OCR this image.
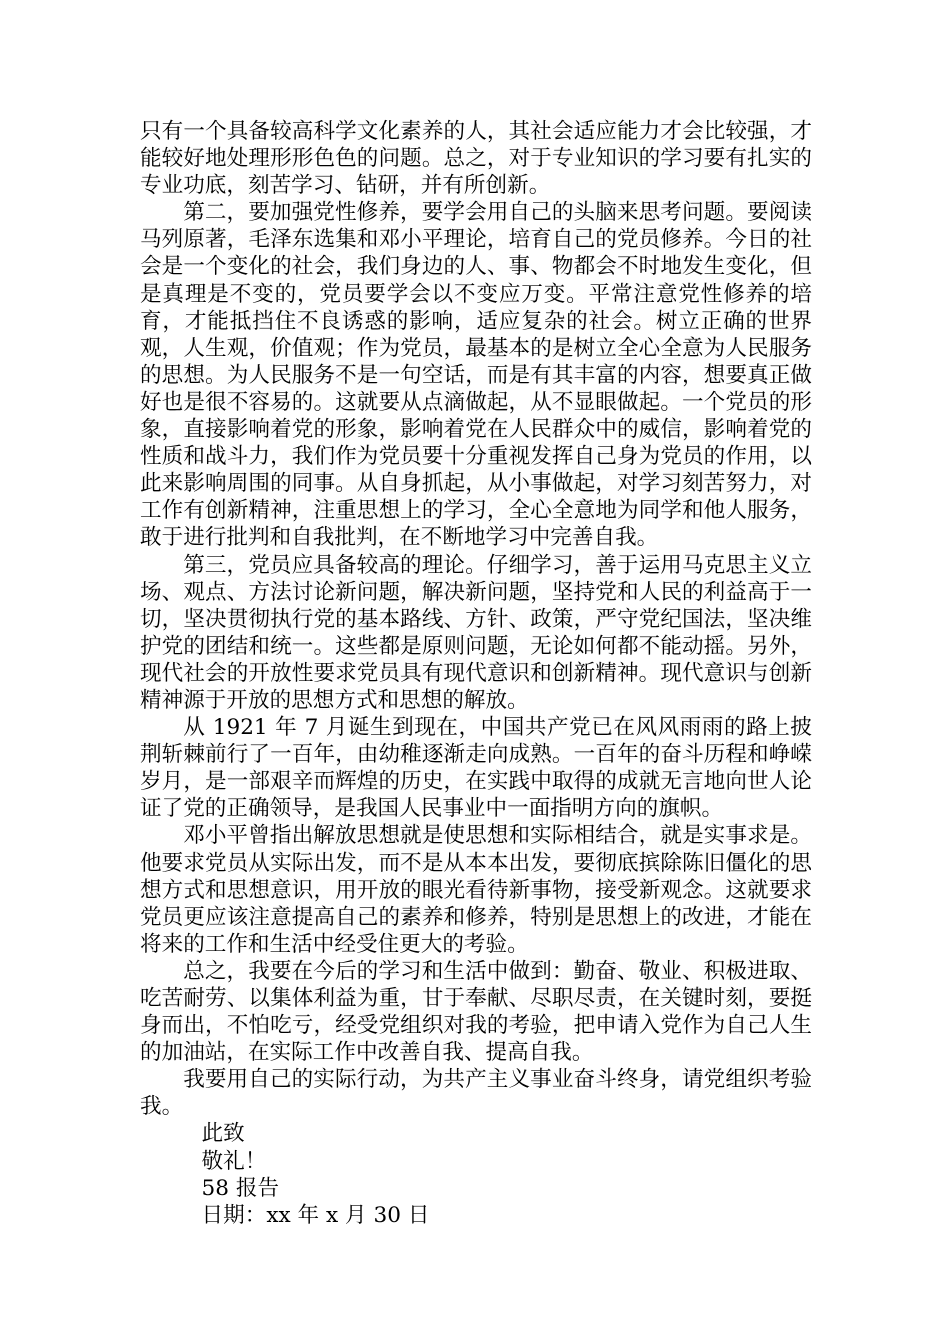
只有一个具备较高科学文化素养的人，其社会适应能力才会比较强，才能较好地处理形形色色的问题。总之，对于专业知识的学习要有扎实的专业功底，刻苦学习、钻研，并有所创新。

第二，要加强党性修养，要学会用自己的头脑来思考问题。要阅读马列原著，毛泽东选集和邓小平理论，培育自己的党员修养。今日的社会是一个变化的社会，我们身边的人、事、物都会不时地发生变化，但是真理是不变的，党员要学会以不变应万变。平常注意党性修养的培育，才能抵挡住不良诱惑的影响，适应复杂的社会。树立正确的世界观，人生观，价值观；作为党员，最基本的是树立全心全意为人民服务的思想。为人民服务不是一句空话，而是有其丰富的内容，想要真正做好也是很不容易的。这就要从点滴做起，从不显眼做起。一个党员的形象，直接影响着党的形象，影响着党在人民群众中的威信，影响着党的性质和战斗力，我们作为党员要十分重视发挥自己身为党员的作用，以此来影响周围的同事。从自身抓起，从小事做起，对学习刻苦努力，对工作有创新精神，注重思想上的学习，全心全意地为同学和他人服务，敢于进行批判和自我批判，在不断地学习中完善自我。

第三，党员应具备较高的理论。仔细学习，善于运用马克思主义立场、观点、方法讨论新问题，解决新问题，坚持党和人民的利益高于一切，坚决贯彻执行党的基本路线、方针、政策，严守党纪国法，坚决维护党的团结和统一。这些都是原则问题，无论如何都不能动摇。另外，现代社会的开放性要求党员具有现代意识和创新精神。现代意识与创新精神源于开放的思想方式和思想的解放。

从 1921 年 7 月诞生到现在，中国共产党已在风风雨雨的路上披荆斩棘前行了一百年，由幼稚逐渐走向成熟。一百年的奋斗历程和峥嵘岁月，是一部艰辛而辉煌的历史，在实践中取得的成就无言地向世人论证了党的正确领导，是我国人民事业中一面指明方向的旗帜。

邓小平曾指出解放思想就是使思想和实际相结合，就是实事求是。他要求党员从实际出发，而不是从本本出发，要彻底摈除陈旧僵化的思想方式和思想意识，用开放的眼光看待新事物，接受新观念。这就要求党员更应该注意提高自己的素养和修养，特别是思想上的改进，才能在将来的工作和生活中经受住更大的考验。

总之，我要在今后的学习和生活中做到：勤奋、敬业、积极进取、吃苦耐劳、以集体利益为重，甘于奉献、尽职尽责，在关键时刻，要挺身而出，不怕吃亏，经受党组织对我的考验，把申请入党作为自己人生的加油站，在实际工作中改善自我、提高自我。

我要用自己的实际行动，为共产主义事业奋斗终身，请党组织考验我。

此致

敬礼！

58 报告

日期：xx 年 x 月 30 日
